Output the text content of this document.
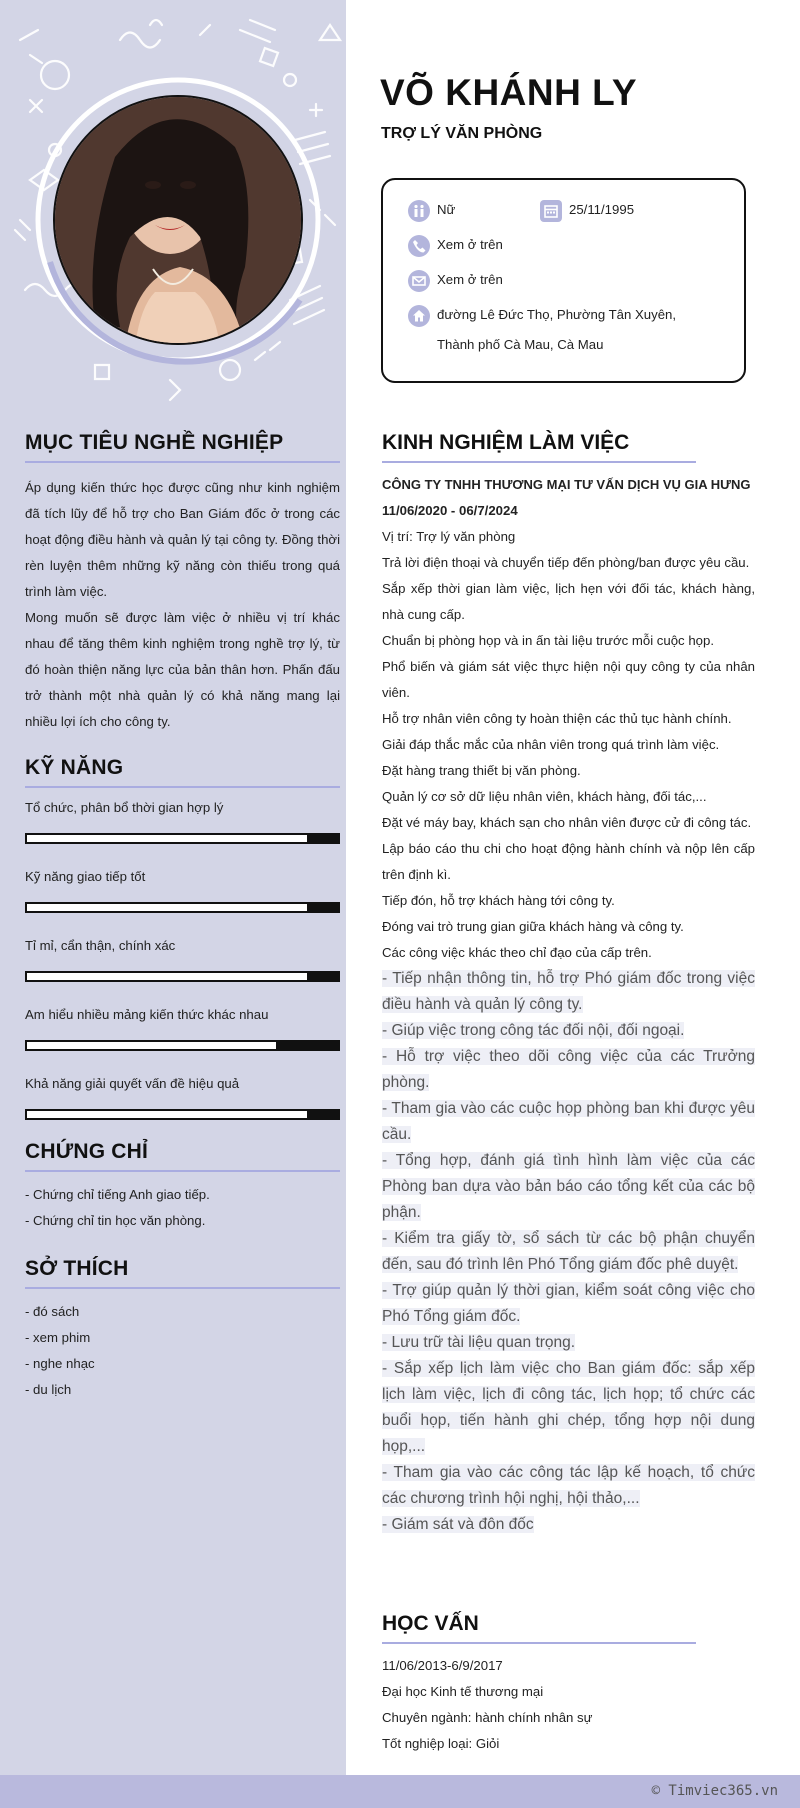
MỤC TIÊU NGHỀ NGHIỆP
Áp dụng kiến thức học được cũng như kinh nghiệm đã tích lũy để hỗ trợ cho Ban Giám đốc ở trong các hoạt động điều hành và quản lý tại công ty. Đồng thời rèn luyện thêm những kỹ năng còn thiếu trong quá trình làm việc.
Mong muốn sẽ được làm việc ở nhiều vị trí khác nhau để tăng thêm kinh nghiệm trong nghề trợ lý, từ đó hoàn thiện năng lực của bản thân hơn. Phấn đấu trở thành một nhà quản lý có khả năng mang lại nhiều lợi ích cho công ty.
KỸ NĂNG
Tổ chức, phân bổ thời gian hợp lý
Kỹ năng giao tiếp tốt
Tỉ mỉ, cẩn thận, chính xác
Am hiểu nhiều mảng kiến thức khác nhau
Khả năng giải quyết vấn đề hiệu quả
CHỨNG CHỈ
- Chứng chỉ tiếng Anh giao tiếp.
- Chứng chỉ tin học văn phòng.
SỞ THÍCH
- đó sách
- xem phim
- nghe nhạc
- du lịch
VÕ KHÁNH LY
TRỢ LÝ VĂN PHÒNG
Nữ	25/11/1995
Xem ở trên
Xem ở trên
đường Lê Đức Thọ, Phường Tân Xuyên,
Thành phố Cà Mau, Cà Mau
KINH NGHIỆM LÀM VIỆC
CÔNG TY TNHH THƯƠNG MẠI TƯ VẤN DỊCH VỤ GIA HƯNG
11/06/2020 - 06/7/2024
Vị trí: Trợ lý văn phòng
Trả lời điện thoại và chuyển tiếp đến phòng/ban được yêu cầu.
Sắp xếp thời gian làm việc, lịch hẹn với đối tác, khách hàng, nhà cung cấp.
Chuẩn bị phòng họp và in ấn tài liệu trước mỗi cuộc họp.
Phổ biến và giám sát việc thực hiện nội quy công ty của nhân viên.
Hỗ trợ nhân viên công ty hoàn thiện các thủ tục hành chính.
Giải đáp thắc mắc của nhân viên trong quá trình làm việc.
Đặt hàng trang thiết bị văn phòng.
Quản lý cơ sở dữ liệu nhân viên, khách hàng, đối tác,...
Đặt vé máy bay, khách sạn cho nhân viên được cử đi công tác.
Lập báo cáo thu chi cho hoạt động hành chính và nộp lên cấp trên định kì.
Tiếp đón, hỗ trợ khách hàng tới công ty.
Đóng vai trò trung gian giữa khách hàng và công ty.
Các công việc khác theo chỉ đạo của cấp trên.
- Tiếp nhận thông tin, hỗ trợ Phó giám đốc trong việc điều hành và quản lý công ty.
- Giúp việc trong công tác đối nội, đối ngoại.
- Hỗ trợ việc theo dõi công việc của các Trưởng phòng.
- Tham gia vào các cuộc họp phòng ban khi được yêu cầu.
- Tổng hợp, đánh giá tình hình làm việc của các Phòng ban dựa vào bản báo cáo tổng kết của các bộ phận.
- Kiểm tra giấy tờ, sổ sách từ các bộ phận chuyển đến, sau đó trình lên Phó Tổng giám đốc phê duyệt.
- Trợ giúp quản lý thời gian, kiểm soát công việc cho Phó Tổng giám đốc.
- Lưu trữ tài liệu quan trọng.
- Sắp xếp lịch làm việc cho Ban giám đốc: sắp xếp lịch làm việc, lịch đi công tác, lịch họp; tổ chức các buổi họp, tiến hành ghi chép, tổng hợp nội dung họp,...
- Tham gia vào các công tác lập kế hoạch, tổ chức các chương trình hội nghị, hội thảo,...
- Giám sát và đôn đốc
HỌC VẤN
11/06/2013-6/9/2017
Đại học Kinh tế thương mại
Chuyên ngành: hành chính nhân sự
Tốt nghiệp loại: Giỏi
© Timviec365.vn
